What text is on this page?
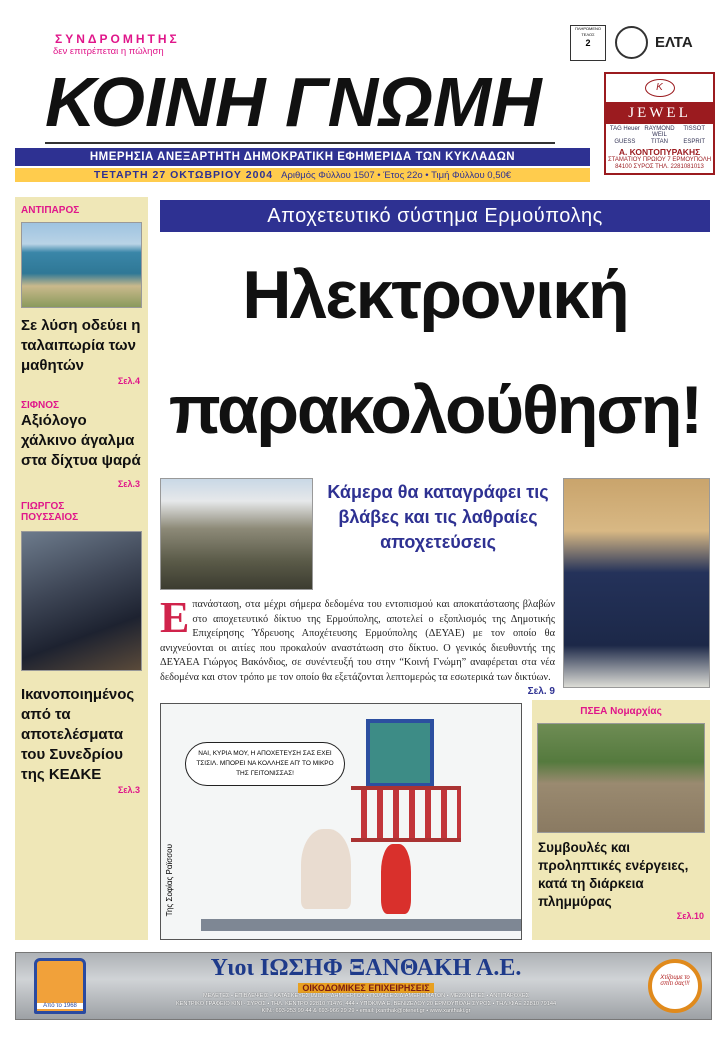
ΣΥΝΔΡΟΜΗΤΗΣ
δεν επιτρέπεται η πώληση
ΚΟΙΝΗ ΓΝΩΜΗ
ΗΜΕΡΗΣΙΑ ΑΝΕΞΑΡΤΗΤΗ ΔΗΜΟΚΡΑΤΙΚΗ ΕΦΗΜΕΡΙΔΑ ΤΩΝ ΚΥΚΛΑΔΩΝ
ΤΕΤΑΡΤΗ 27 ΟΚΤΩΒΡΙΟΥ 2004 Αριθμός Φύλλου 1507 • Έτος 22ο • Τιμή Φύλλου 0,50€
ΠΛΗΡΩΜΕΝΟ ΤΕΛΟΣ
2	ΕΛΤΑ
K
JEWEL
TAG Heuer RAYMOND WEIL
TISSOT
GUESS	TITAN	ESPRIT
Α. ΚΟΝΤΟΠΥΡΑΚΗΣ
ΣΤΑΜΑΤΙΟΥ ΠΡΩΙΟΥ 7 ΕΡΜΟΥΠΟΛΗ 84100 ΣΥΡΟΣ ΤΗΛ. 2281081013
ΑΝΤΙΠΑΡΟΣ
Σε λύση οδεύει η ταλαιπωρία των μαθητών
Σελ.4
ΣΙΦΝΟΣ
Αξιόλογο χάλκινο άγαλμα στα δίχτυα ψαρά
Σελ.3
ΓΙΩΡΓΟΣ ΠΟΥΣΣΑΙΟΣ
Ικανοποιημένος από τα αποτελέσματα του Συνεδρίου της ΚΕΔΚΕ
Σελ.3
Αποχετευτικό σύστημα Ερμούπολης
Ηλεκτρονική
παρακολούθηση!
Κάμερα θα καταγράφει τις βλάβες και τις λαθραίες αποχετεύσεις
Επανάσταση, στα μέχρι σήμερα δεδομένα του εντοπισμού και αποκατάστασης βλαβών στο αποχετευτικό δίκτυο της Ερμούπολης, αποτελεί ο εξοπλισμός της Δημοτικής Επιχείρησης Ύδρευσης Αποχέτευσης Ερμούπολης (ΔΕΥΑΕ) με τον οποίο θα ανιχνεύονται οι αιτίες που προκαλούν αναστάτωση στο δίκτυο. Ο γενικός διευθυντής της ΔΕΥΑΕΑ Γιώργος Βακόνδιος, σε συνέντευξή του στην “Κοινή Γνώμη” αναφέρεται στα νέα δεδομένα και στον τρόπο με τον οποίο θα εξετάζονται λεπτομερώς τα εσωτερικά των δικτύων.
Σελ. 9
ΝΑΙ, ΚΥΡΙΑ ΜΟΥ, Η ΑΠΟΧΕΤΕΥΣΗ ΣΑΣ ΕΧΕΙ ΤΣΙΣΙΛ. ΜΠΟΡΕΙ ΝΑ ΚΟΛΛΗΣΕ ΑΠ' ΤΟ ΜΙΚΡΟ ΤΗΣ ΓΕΙΤΟΝΙΣΣΑΣ!
Της Σοφίας Ραϊσσου
ΠΣΕΑ Νομαρχίας
Συμβουλές και προληπτικές ενέργειες, κατά τη διάρκεια πλημμύρας
Σελ.10
Από το 1968
Υιοι ΙΩΣΗΦ ΞΑΝΘΑΚΗ Α.Ε.
ΟΙΚΟΔΟΜΙΚΕΣ ΕΠΙΧΕΙΡΗΣΕΙΣ
ΜΕΛΕΤΕΣ • ΕΠΙΒΛΕΨΕΙΣ • ΚΑΤΑΣΚΕΥΕΣ ΙΔΙΩΤ. - ΔΗΜ. ΕΡΓΩΝ • ΠΩΛΗΣΕΙΣ ΔΙΑΜΕΡΙΣΜΑΤΩΝ • ΜΕΖΟΝΕΤΕΣ • ΑΝΤΙΠΑΡΟΧΕΣ
ΚΕΝΤΡΙΚΟ ΓΡΑΦΕΙΟ ΚΙΝΙ - ΣΥΡΟΣ • ΤΗΛ. ΚΕΝΤΡΟ 22810 71476, 444 • ΥΠΟΚ/ΜΑ Ε. ΒΕΝΙΖΕΛΟΥ 20 ΕΡΜΟΥΠΟΛΗ ΣΥΡΟΣ • ΤΗΛ./ΦΑΞ 22810 79144
ΚΙΝ.: 693-253 99 44 & 693-966 29 29 • email: jxanthak@otenet.gr • www.xanthaki.gr
Χτίζουμε το σπίτι σας!!!
